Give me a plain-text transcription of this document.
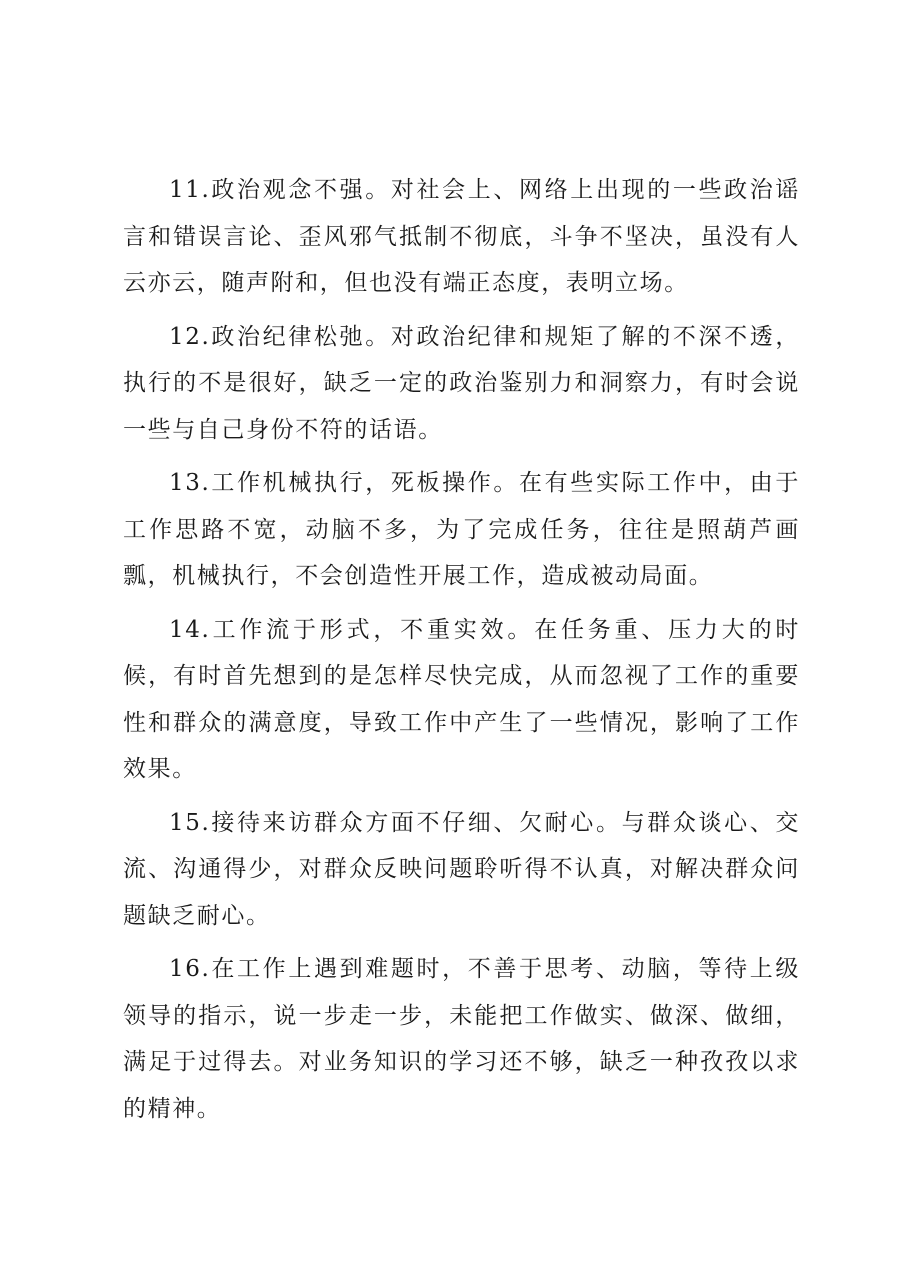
11.政治观念不强。对社会上、网络上出现的一些政治谣言和错误言论、歪风邪气抵制不彻底，斗争不坚决，虽没有人云亦云，随声附和，但也没有端正态度，表明立场。

12.政治纪律松弛。对政治纪律和规矩了解的不深不透，执行的不是很好，缺乏一定的政治鉴别力和洞察力，有时会说一些与自己身份不符的话语。

13.工作机械执行，死板操作。在有些实际工作中，由于工作思路不宽，动脑不多，为了完成任务，往往是照葫芦画瓢，机械执行，不会创造性开展工作，造成被动局面。

14.工作流于形式，不重实效。在任务重、压力大的时候，有时首先想到的是怎样尽快完成，从而忽视了工作的重要性和群众的满意度，导致工作中产生了一些情况，影响了工作效果。

15.接待来访群众方面不仔细、欠耐心。与群众谈心、交流、沟通得少，对群众反映问题聆听得不认真，对解决群众问题缺乏耐心。

16.在工作上遇到难题时，不善于思考、动脑，等待上级领导的指示，说一步走一步，未能把工作做实、做深、做细，满足于过得去。对业务知识的学习还不够，缺乏一种孜孜以求的精神。
